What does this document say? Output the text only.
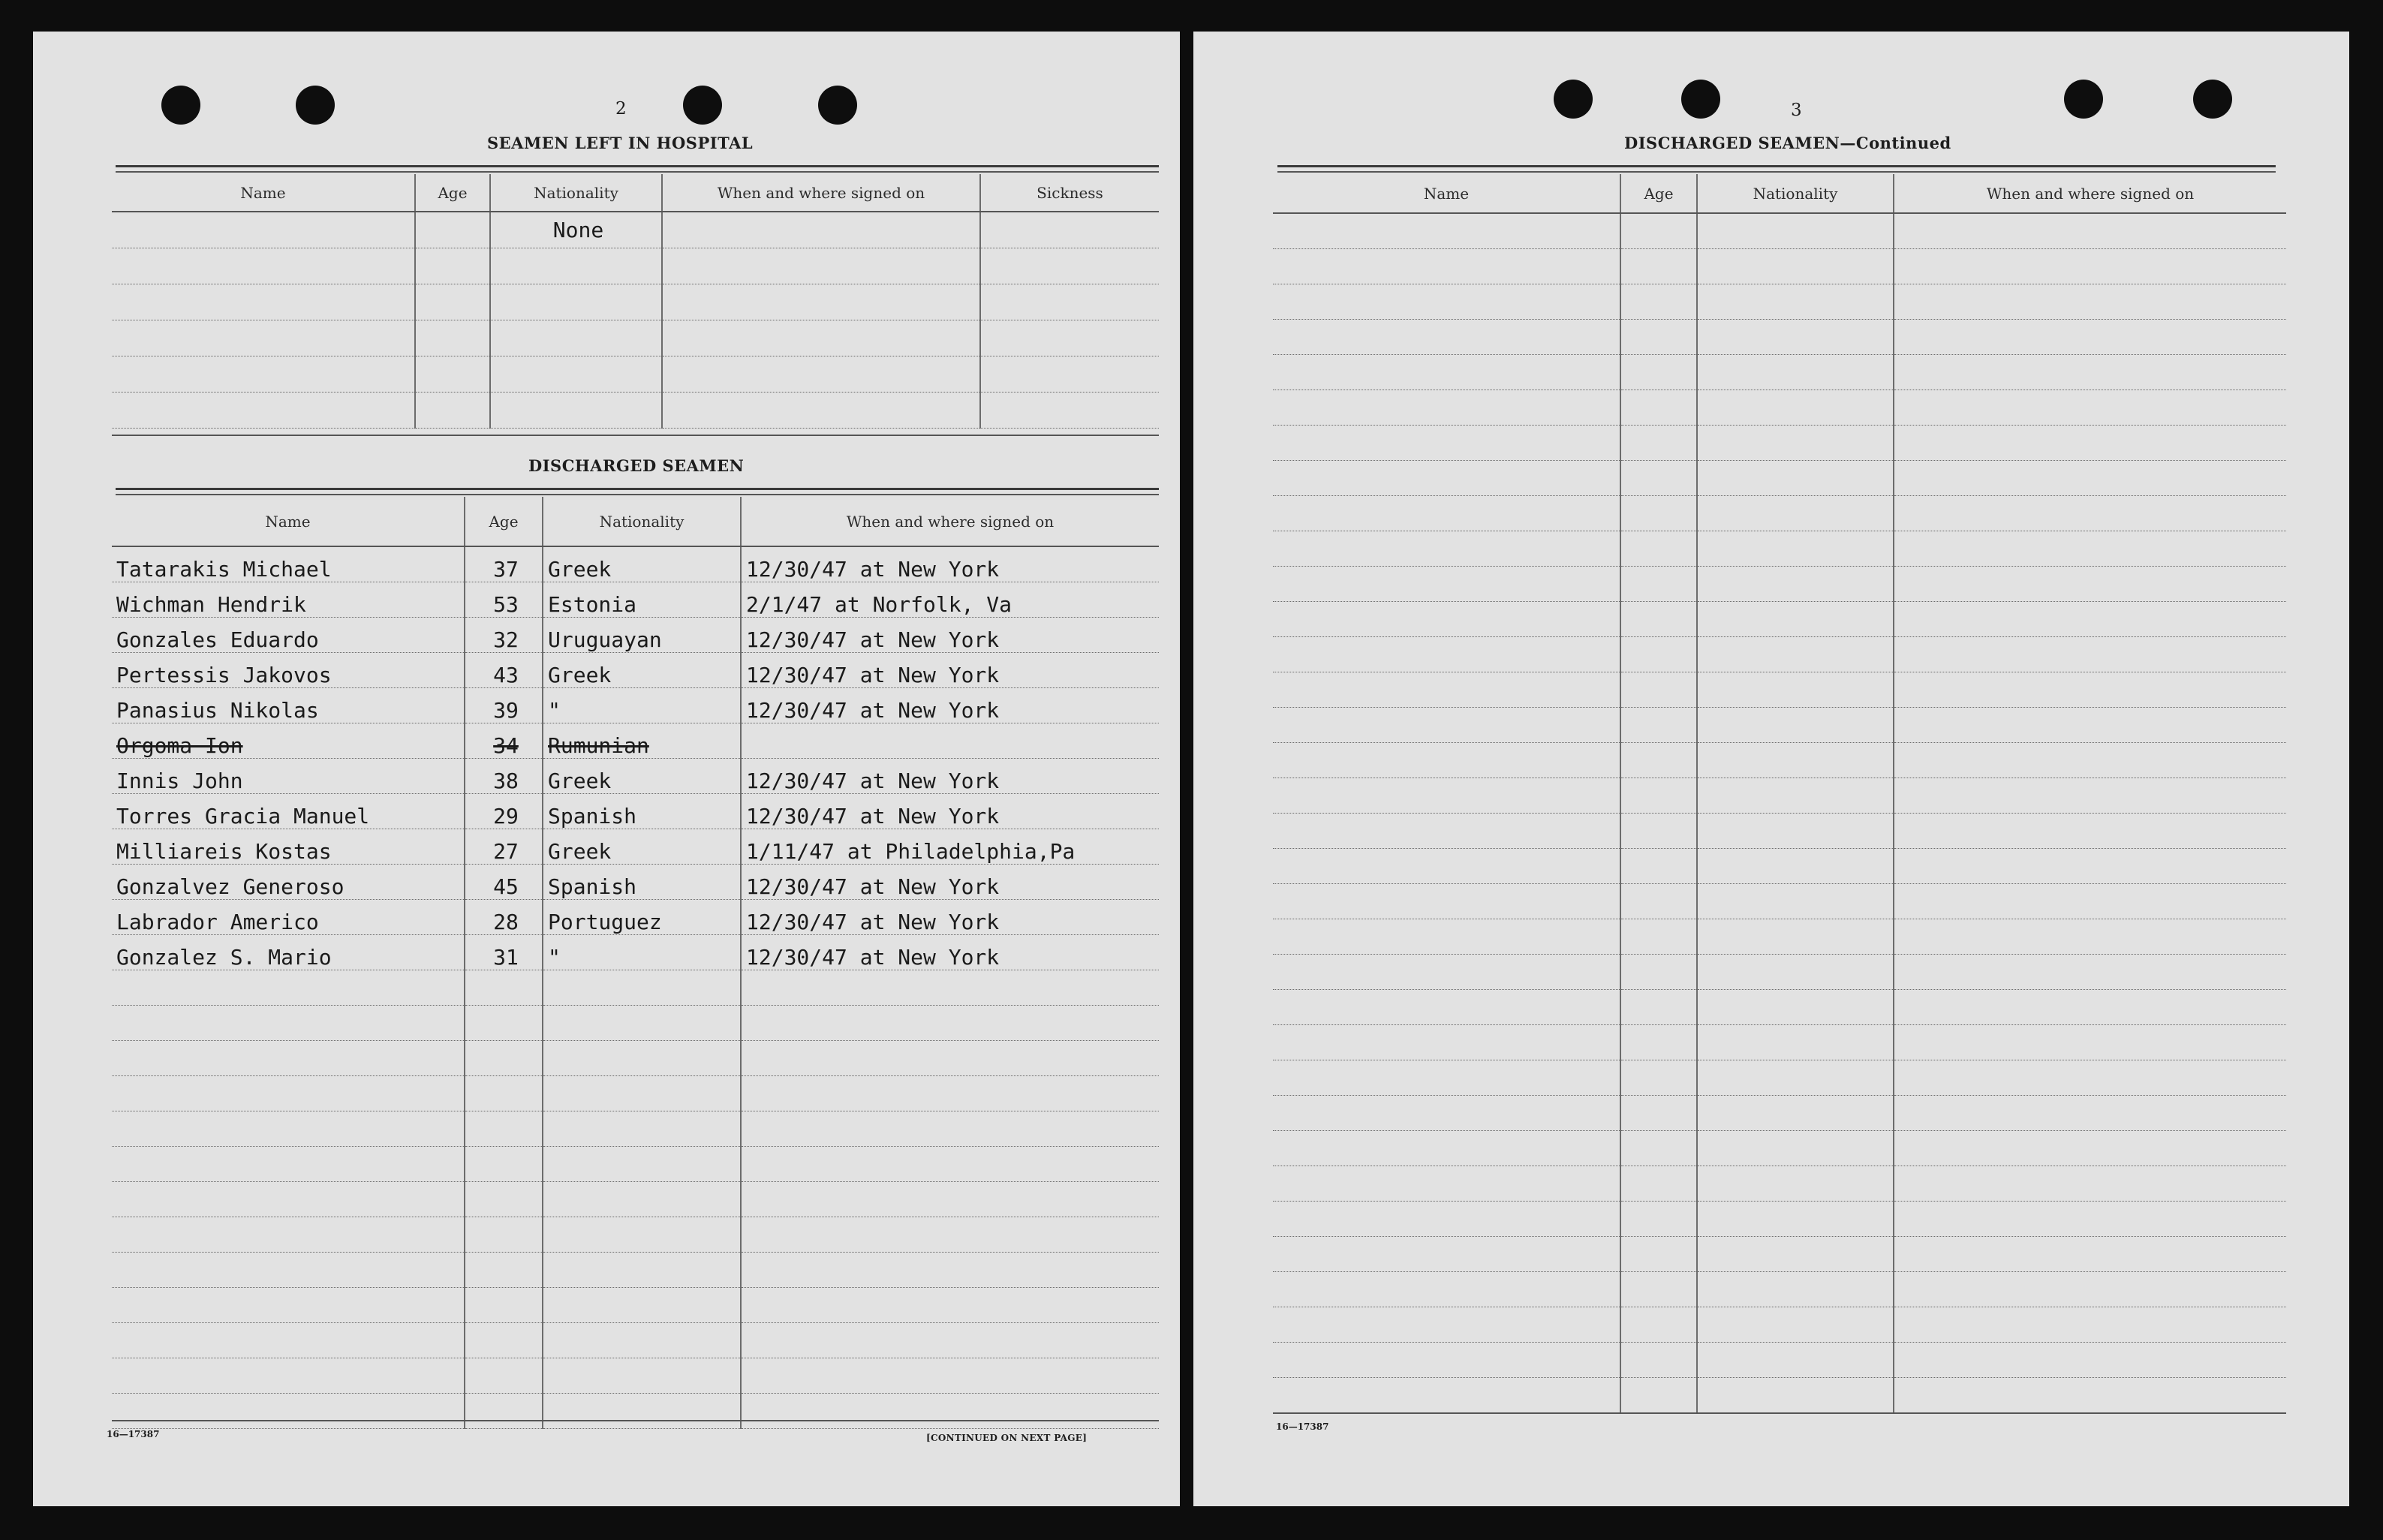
2
SEAMEN LEFT IN HOSPITAL
Name	Age	Nationality	When and where signed on	Sickness
		None		

DISCHARGED SEAMEN
Name	Age	Nationality	When and where signed on
Tatarakis Michael	37	Greek	12/30/47 at New York
Wichman Hendrik	53	Estonia	2/1/47 at Norfolk, Va
Gonzales Eduardo	32	Uruguayan	12/30/47 at New York
Pertessis Jakovos	43	Greek	12/30/47 at New York
Panasius Nikolas	39	"	12/30/47 at New York
Orgoma Ion	34	Rumunian	
Innis John	38	Greek	12/30/47 at New York
Torres Gracia Manuel	29	Spanish	12/30/47 at New York
Milliareis Kostas	27	Greek	1/11/47 at Philadelphia,Pa
Gonzalvez Generoso	45	Spanish	12/30/47 at New York
Labrador Americo	28	Portuguez	12/30/47 at New York
Gonzalez S. Mario	31	"	12/30/47 at New York

16—17387	[CONTINUED ON NEXT PAGE]
3
DISCHARGED SEAMEN—Continued
Name	Age	Nationality	When and where signed on

16—17387
